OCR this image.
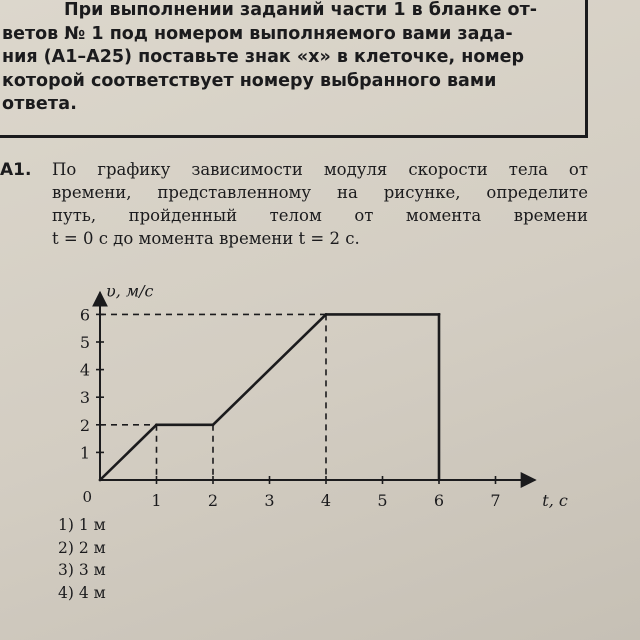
При выполнении заданий части 1 в бланке от-
ветов № 1 под номером выполняемого вами зада-
ния (А1–А25) поставьте знак «х» в клеточке, номер
которой соответствует номеру выбранного вами
ответа.
А1. По графику зависимости модуля скорости тела от
времени, представленному на рисунке, определите
путь, пройденный телом от момента времени
t = 0 с до момента времени t = 2 с.
1	2	3	4	5	6	7
1
2
3
4
5
6
t, с
υ, м/с
0
1) 1 м
2) 2 м
3) 3 м
4) 4 м
